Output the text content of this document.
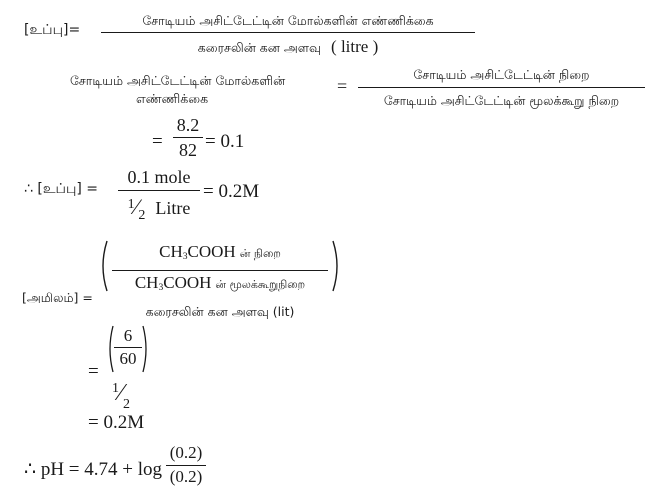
[உப்பு]=
சோடியம் அசிட்டேட்டின் மோல்களின் எண்ணிக்கை
கரைசலின் கன அளவு ( litre )
சோடியம் அசிட்டேட்டின் மோல்களின்
எண்ணிக்கை
=
சோடியம் அசிட்டேட்டின் நிறை
சோடியம் அசிட்டேட்டின் மூலக்கூறு நிறை
=
8.2
82 = 0.1
∴ [உப்பு] =
0.1 mole
1⁄2 Litre
= 0.2M
[அமிலம்] =
$CH_3COOH$ ன் நிறை
$CH_3COOH$ ன் மூலக்கூறுநிறை
கரைசலின் கன அளவு (lit)
=
6
60
1⁄2
= 0.2M
∴ pH = 4.74 + log
(0.2)
(0.2)
